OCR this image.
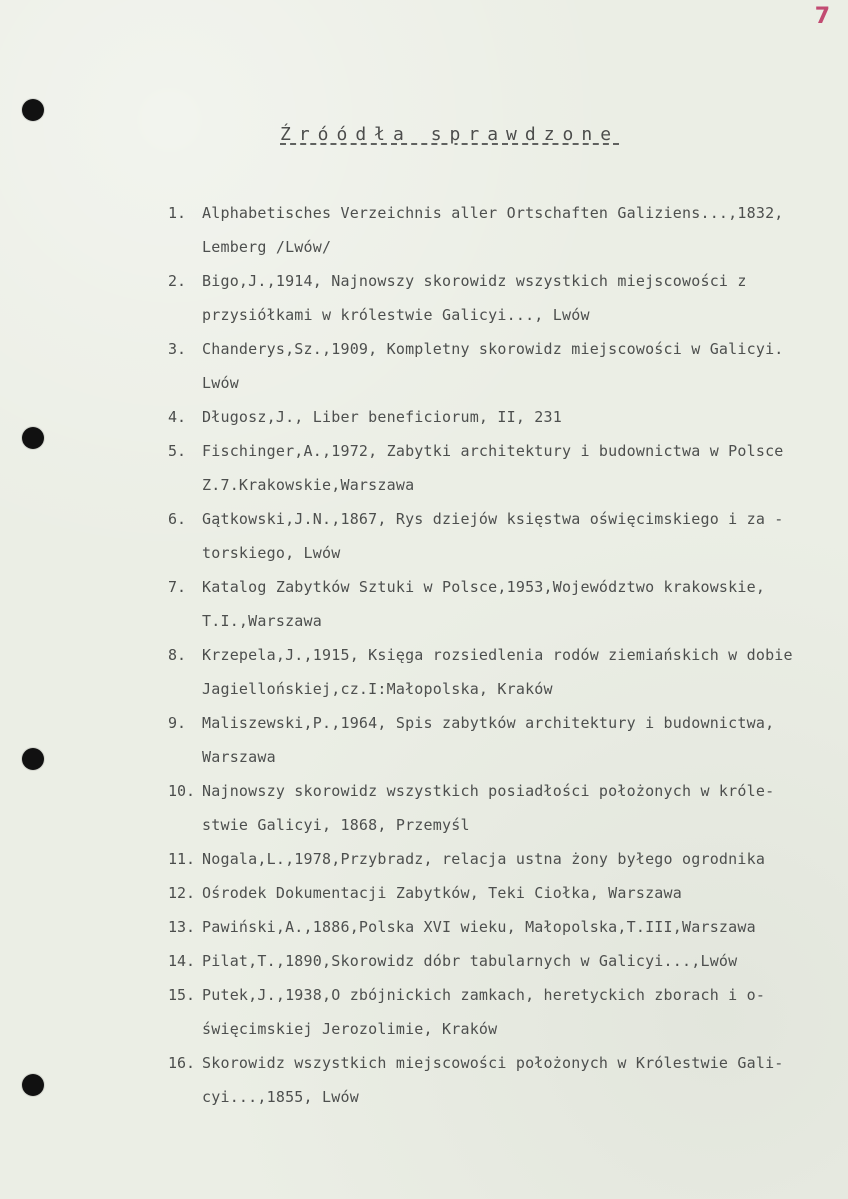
7
Źróódła sprawdzone
1.	Alphabetisches Verzeichnis aller Ortschaften Galiziens...,1832,
Lemberg /Lwów/
2.	Bigo,J.,1914, Najnowszy skorowidz wszystkich miejscowości z
przysiółkami w królestwie Galicyi..., Lwów
3.	Chanderys,Sz.,1909, Kompletny skorowidz miejscowości w Galicyi.
Lwów
4.	Długosz,J., Liber beneficiorum, II, 231
5.	Fischinger,A.,1972, Zabytki architektury i budownictwa w Polsce
Z.7.Krakowskie,Warszawa
6.	Gątkowski,J.N.,1867, Rys dziejów księstwa oświęcimskiego i za -
torskiego, Lwów
7.	Katalog Zabytków Sztuki w Polsce,1953,Województwo krakowskie,
T.I.,Warszawa
8.	Krzepela,J.,1915, Księga rozsiedlenia rodów ziemiańskich w dobie
Jagiellońskiej,cz.I:Małopolska, Kraków
9.	Maliszewski,P.,1964, Spis zabytków architektury i budownictwa,
Warszawa
10. Najnowszy skorowidz wszystkich posiadłości położonych w króle-
stwie Galicyi, 1868, Przemyśl
11. Nogala,L.,1978,Przybradz, relacja ustna żony byłego ogrodnika
12. Ośrodek Dokumentacji Zabytków, Teki Ciołka, Warszawa
13. Pawiński,A.,1886,Polska XVI wieku, Małopolska,T.III,Warszawa
14. Pilat,T.,1890,Skorowidz dóbr tabularnych w Galicyi...,Lwów
15. Putek,J.,1938,O zbójnickich zamkach, heretyckich zborach i o-
święcimskiej Jerozolimie, Kraków
16. Skorowidz wszystkich miejscowości położonych w Królestwie Gali-
cyi...,1855, Lwów
